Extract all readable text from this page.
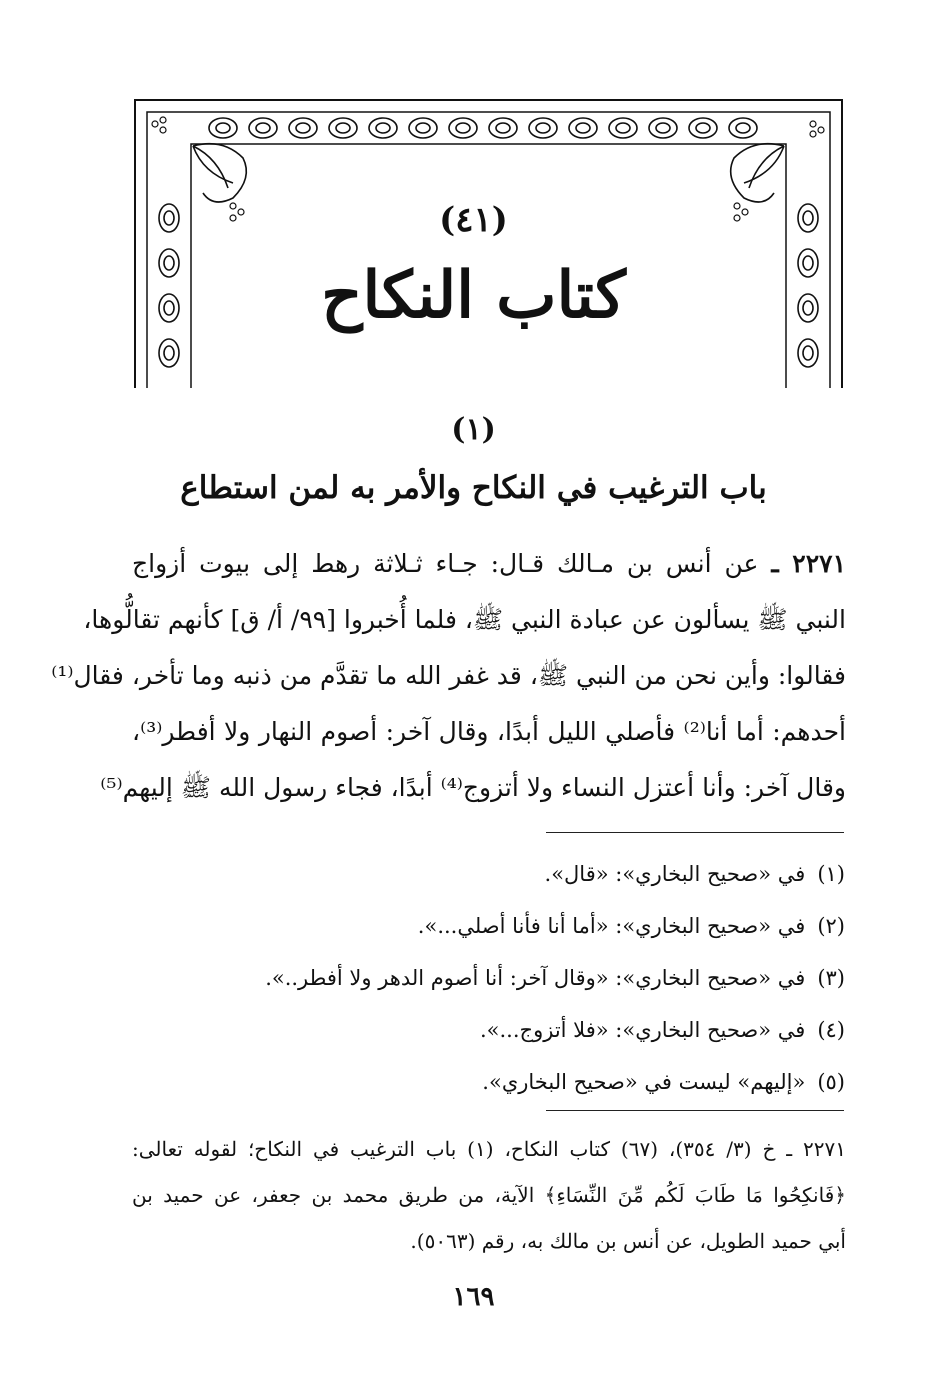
(٤١)
كتاب النكاح
(١)
باب الترغيب في النكاح والأمر به لمن استطاع
٢٢٧١ ـ عن أنس بن مـالك قـال: جـاء ثـلاثة رهط إلى بيوت أزواج
النبي ﷺ يسألون عن عبادة النبي ﷺ، فلما أُخبروا [٩٩/ أ/ ق] كأنهم تقالُّوها،
فقالوا: وأين نحن من النبي ﷺ، قد غفر الله ما تقدَّم من ذنبه وما تأخر، فقال⁽¹⁾
أحدهم: أما أنا⁽²⁾ فأصلي الليل أبدًا، وقال آخر: أصوم النهار ولا أفطر⁽³⁾،
وقال آخر: وأنا أعتزل النساء ولا أتزوج⁽⁴⁾ أبدًا، فجاء رسول الله ﷺ إليهم⁽⁵⁾
(١)في «صحيح البخاري»: «قال».
(٢)في «صحيح البخاري»: «أما أنا فأنا أصلي...».
(٣)في «صحيح البخاري»: «وقال آخر: أنا أصوم الدهر ولا أفطر..».
(٤)في «صحيح البخاري»: «فلا أتزوج...».
(٥)«إليهم» ليست في «صحيح البخاري».
٢٢٧١ ـ خ (٣/ ٣٥٤)، (٦٧) كتاب النكاح، (١) باب الترغيب في النكاح؛ لقوله تعالى:
﴿فَانكِحُوا مَا طَابَ لَكُم مِّنَ النِّسَاءِ﴾ الآية، من طريق محمد بن جعفر، عن حميد بن
أبي حميد الطويل، عن أنس بن مالك به، رقم (٥٠٦٣).
١٦٩
